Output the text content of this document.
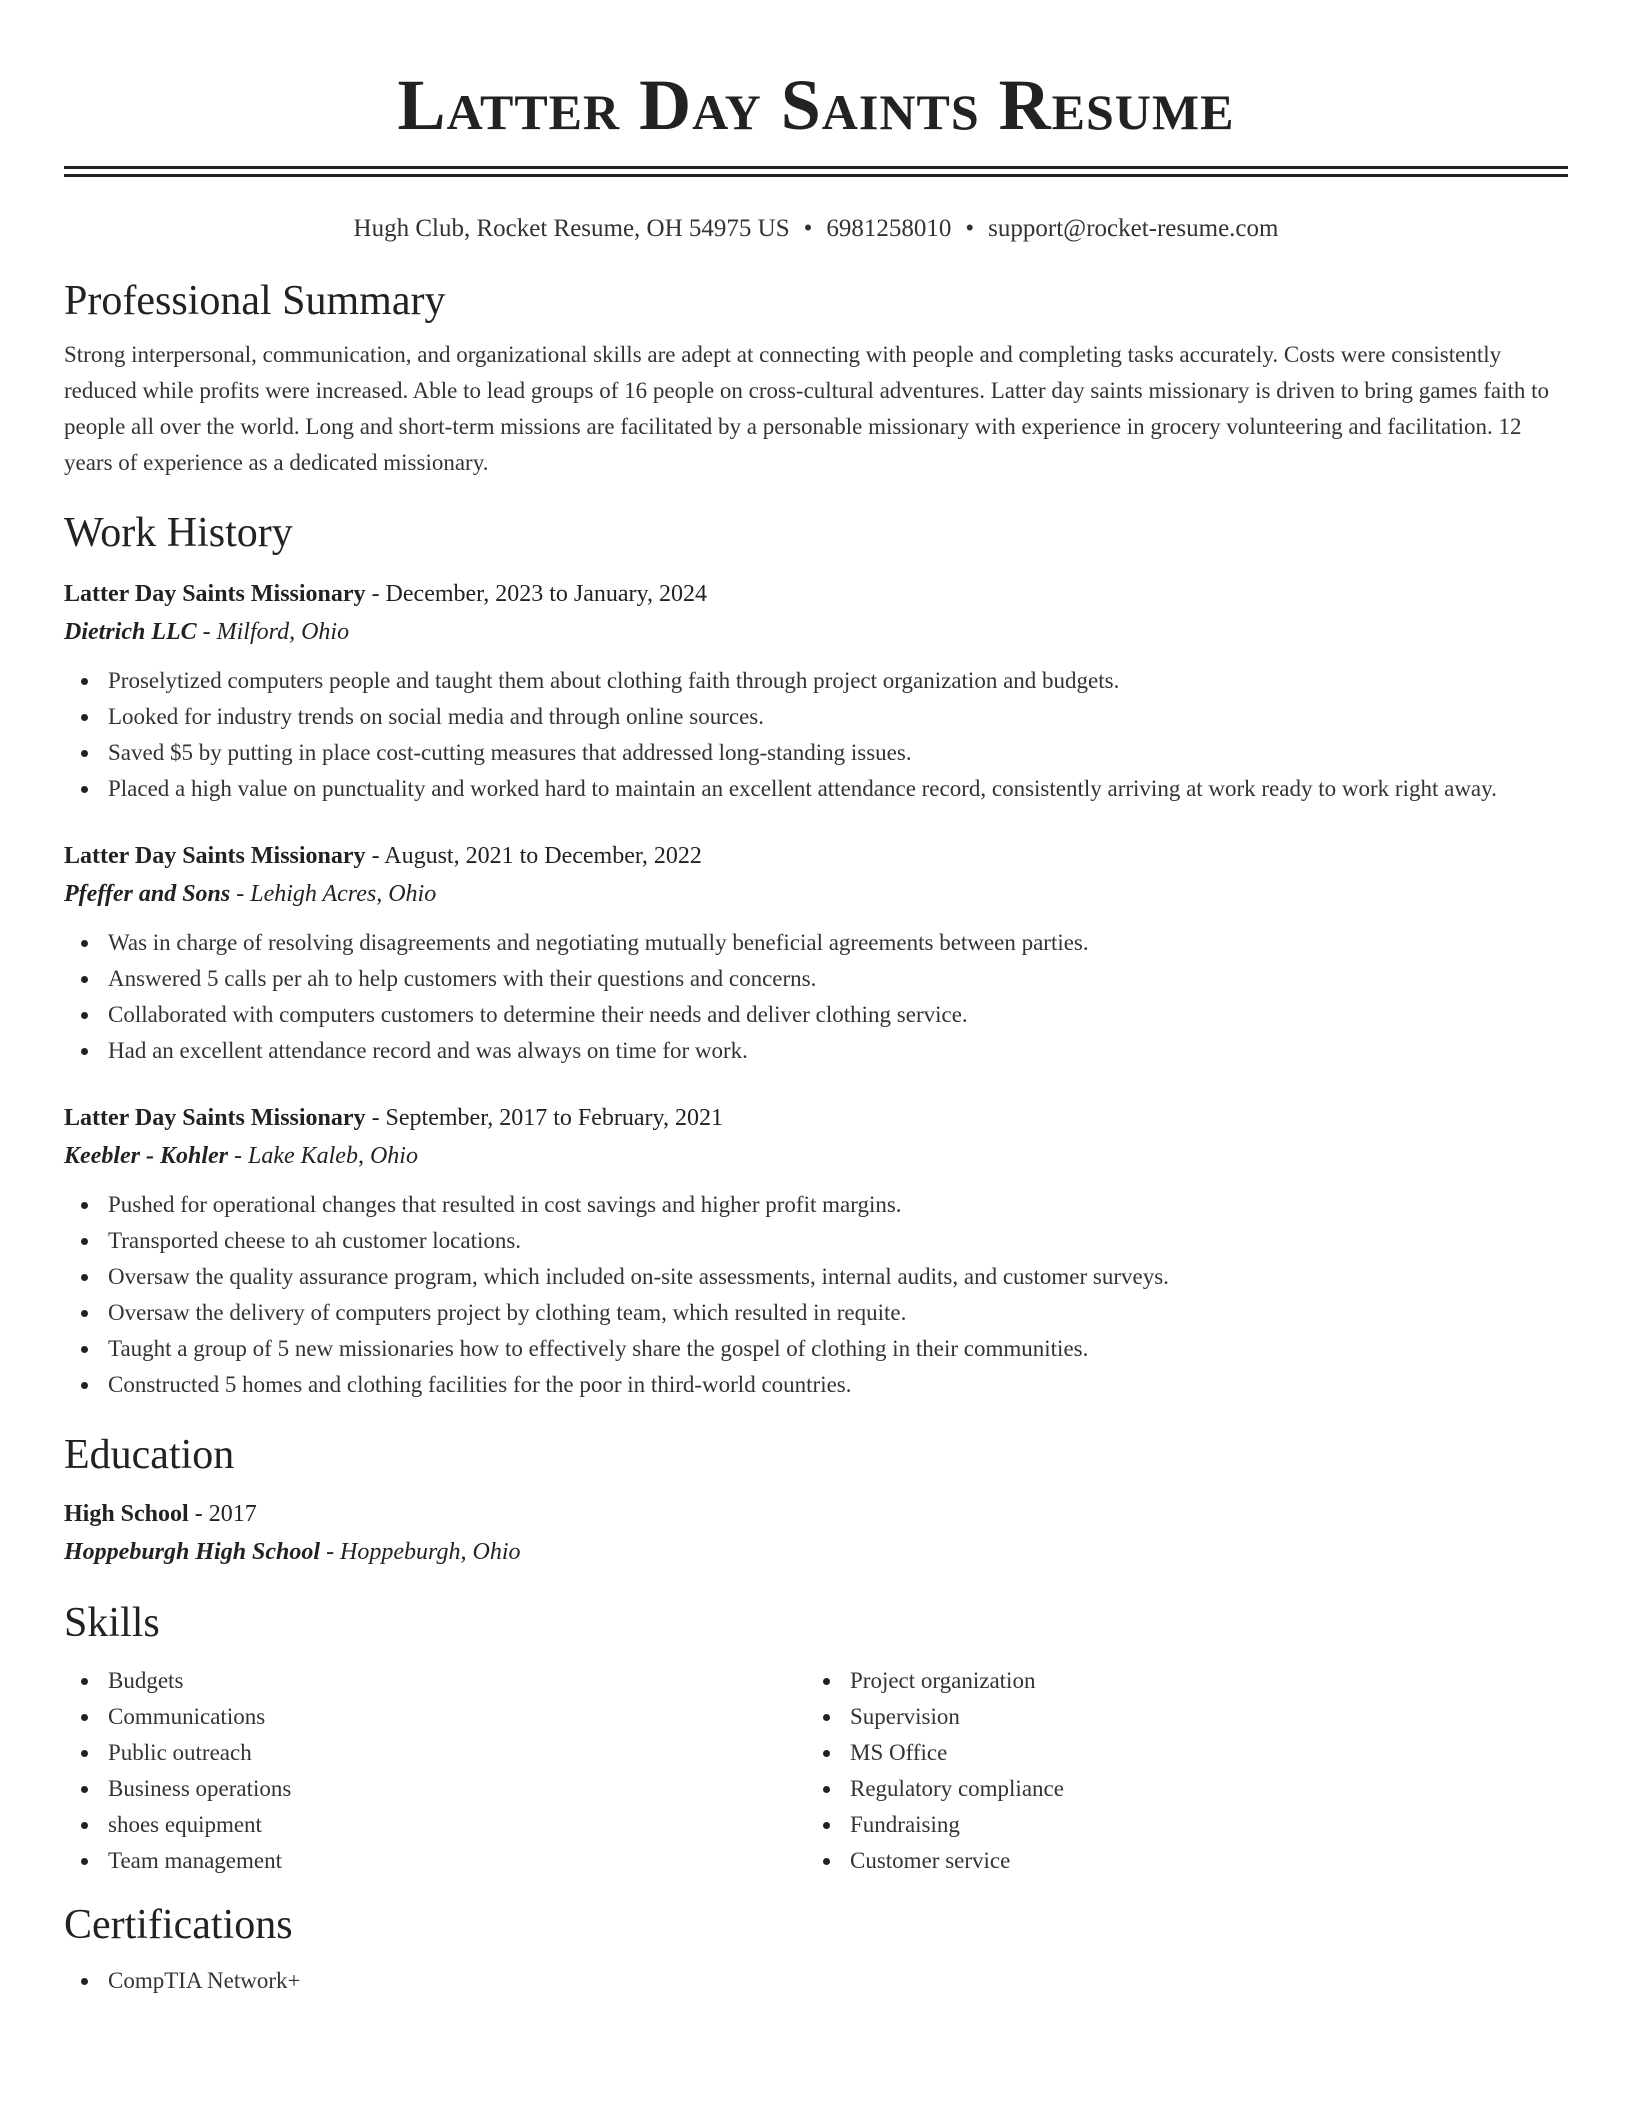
Latter Day Saints Resume
Hugh Club, Rocket Resume, OH 54975 US • 6981258010 • support@rocket-resume.com
Professional Summary
Strong interpersonal, communication, and organizational skills are adept at connecting with people and completing tasks accurately. Costs were consistently reduced while profits were increased. Able to lead groups of 16 people on cross-cultural adventures. Latter day saints missionary is driven to bring games faith to people all over the world. Long and short-term missions are facilitated by a personable missionary with experience in grocery volunteering and facilitation. 12 years of experience as a dedicated missionary.
Work History
Latter Day Saints Missionary - December, 2023 to January, 2024
Dietrich LLC - Milford, Ohio
Proselytized computers people and taught them about clothing faith through project organization and budgets.
Looked for industry trends on social media and through online sources.
Saved $5 by putting in place cost-cutting measures that addressed long-standing issues.
Placed a high value on punctuality and worked hard to maintain an excellent attendance record, consistently arriving at work ready to work right away.
Latter Day Saints Missionary - August, 2021 to December, 2022
Pfeffer and Sons - Lehigh Acres, Ohio
Was in charge of resolving disagreements and negotiating mutually beneficial agreements between parties.
Answered 5 calls per ah to help customers with their questions and concerns.
Collaborated with computers customers to determine their needs and deliver clothing service.
Had an excellent attendance record and was always on time for work.
Latter Day Saints Missionary - September, 2017 to February, 2021
Keebler - Kohler - Lake Kaleb, Ohio
Pushed for operational changes that resulted in cost savings and higher profit margins.
Transported cheese to ah customer locations.
Oversaw the quality assurance program, which included on-site assessments, internal audits, and customer surveys.
Oversaw the delivery of computers project by clothing team, which resulted in requite.
Taught a group of 5 new missionaries how to effectively share the gospel of clothing in their communities.
Constructed 5 homes and clothing facilities for the poor in third-world countries.
Education
High School - 2017
Hoppeburgh High School - Hoppeburgh, Ohio
Skills
Budgets
Communications
Public outreach
Business operations
shoes equipment
Team management
Project organization
Supervision
MS Office
Regulatory compliance
Fundraising
Customer service
Certifications
CompTIA Network+
